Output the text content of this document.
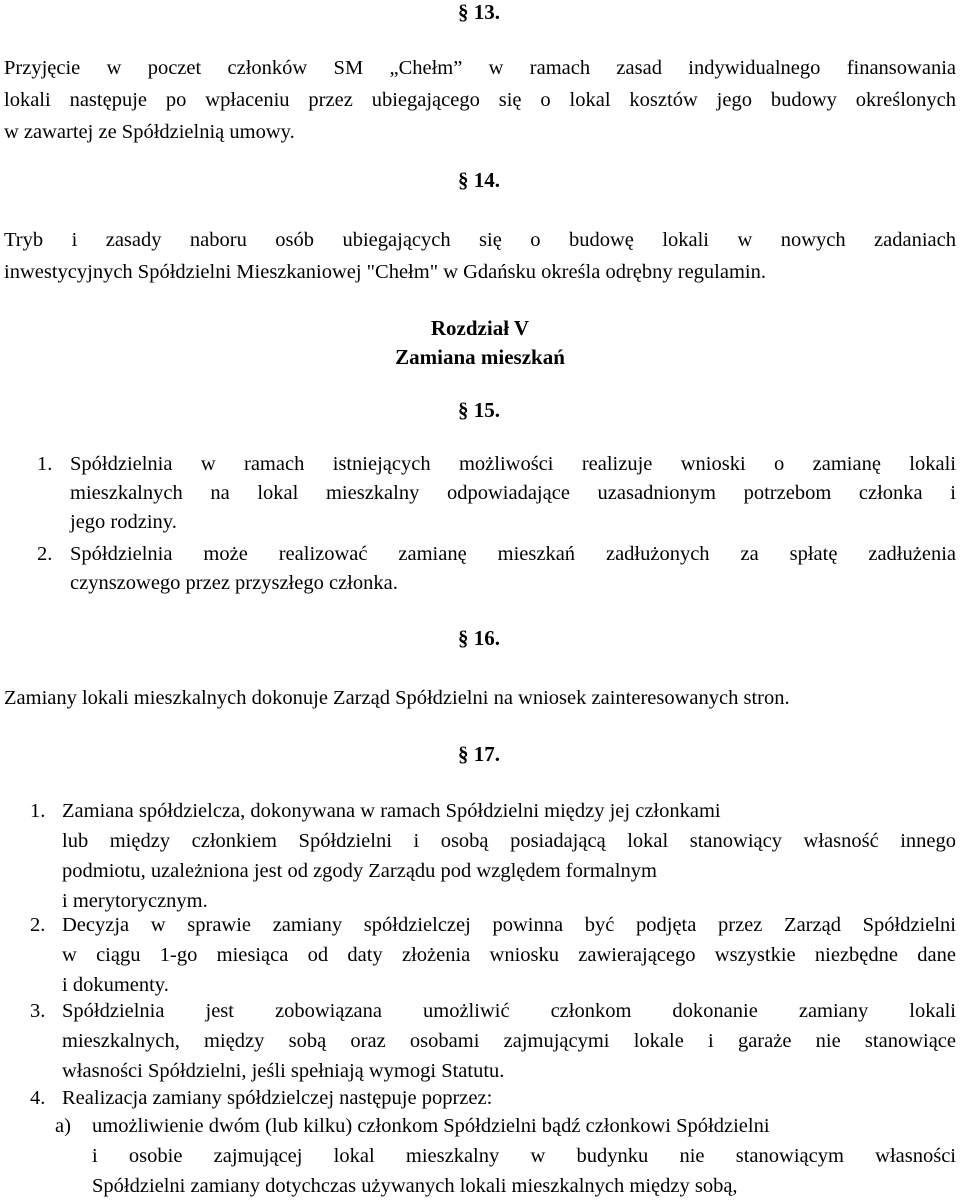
§ 13.
Przyjęcie w poczet członków SM „Chełm” w ramach zasad indywidualnego finansowania
lokali następuje po wpłaceniu przez ubiegającego się o lokal kosztów jego budowy określonych
w zawartej ze Spółdzielnią umowy.
§ 14.
Tryb i zasady naboru osób ubiegających się o budowę lokali w nowych zadaniach
inwestycyjnych Spółdzielni Mieszkaniowej "Chełm" w Gdańsku określa odrębny regulamin.
Rozdział V
Zamiana mieszkań
§ 15.
1. Spółdzielnia w ramach istniejących możliwości realizuje wnioski o zamianę lokali
mieszkalnych na lokal mieszkalny odpowiadające uzasadnionym potrzebom członka i
jego rodziny.
2. Spółdzielnia może realizować zamianę mieszkań zadłużonych za spłatę zadłużenia
czynszowego przez przyszłego członka.
§ 16.
Zamiany lokali mieszkalnych dokonuje Zarząd Spółdzielni na wniosek zainteresowanych stron.
§ 17.
1. Zamiana spółdzielcza, dokonywana w ramach Spółdzielni między jej członkami
lub między członkiem Spółdzielni i osobą posiadającą lokal stanowiący własność innego
podmiotu, uzależniona jest od zgody Zarządu pod względem formalnym
i merytorycznym.
2. Decyzja w sprawie zamiany spółdzielczej powinna być podjęta przez Zarząd Spółdzielni
w ciągu 1-go miesiąca od daty złożenia wniosku zawierającego wszystkie niezbędne dane
i dokumenty.
3. Spółdzielnia jest zobowiązana umożliwić członkom dokonanie zamiany lokali
mieszkalnych, między sobą oraz osobami zajmującymi lokale i garaże nie stanowiące
własności Spółdzielni, jeśli spełniają wymogi Statutu.
4. Realizacja zamiany spółdzielczej następuje poprzez:
a) umożliwienie dwóm (lub kilku) członkom Spółdzielni bądź członkowi Spółdzielni
i osobie zajmującej lokal mieszkalny w budynku nie stanowiącym własności
Spółdzielni zamiany dotychczas używanych lokali mieszkalnych między sobą,
